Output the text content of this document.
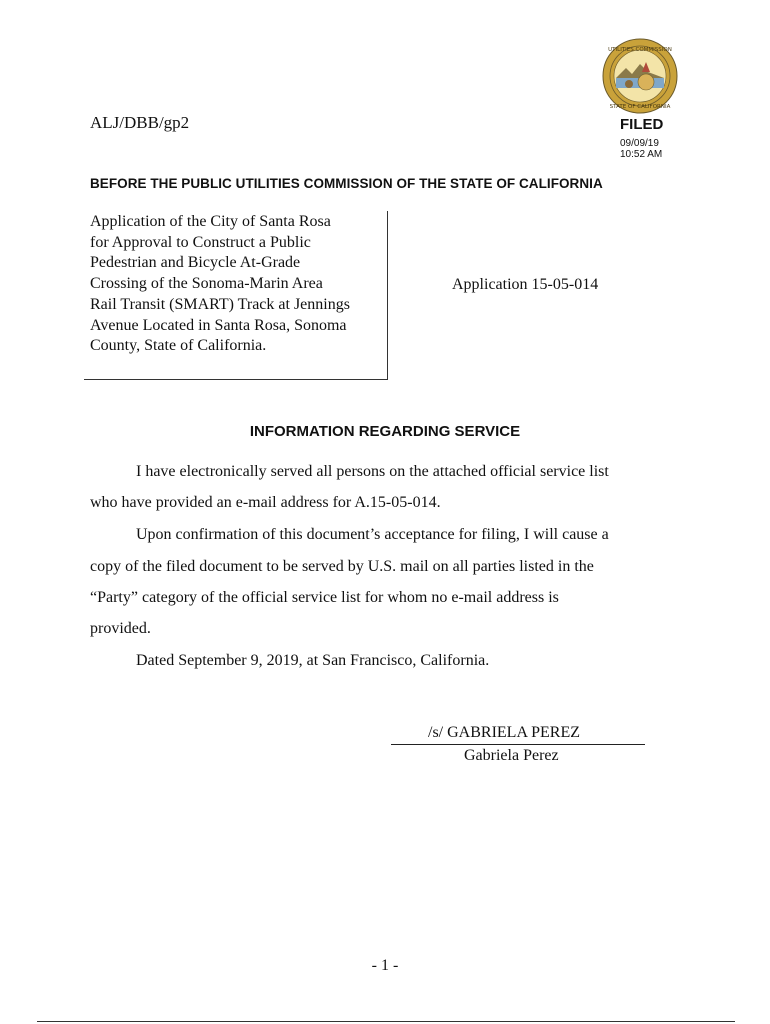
UTILITIES COMMISSION
STATE OF CALIFORNIA
ALJ/DBB/gp2	FILED
09/09/19
10:52 AM
BEFORE THE PUBLIC UTILITIES COMMISSION OF THE STATE OF CALIFORNIA
Application of the City of Santa Rosa
for Approval to Construct a Public
Pedestrian and Bicycle At-Grade
Crossing of the Sonoma-Marin Area
Rail Transit (SMART) Track at Jennings
Avenue Located in Santa Rosa, Sonoma
County, State of California.
Application 15-05-014
INFORMATION REGARDING SERVICE
I have electronically served all persons on the attached official service list
who have provided an e-mail address for A.15-05-014.
Upon confirmation of this document’s acceptance for filing, I will cause a
copy of the filed document to be served by U.S. mail on all parties listed in the
“Party” category of the official service list for whom no e-mail address is
provided.
Dated September 9, 2019, at San Francisco, California.
/s/ GABRIELA PEREZ
Gabriela Perez
- 1 -
